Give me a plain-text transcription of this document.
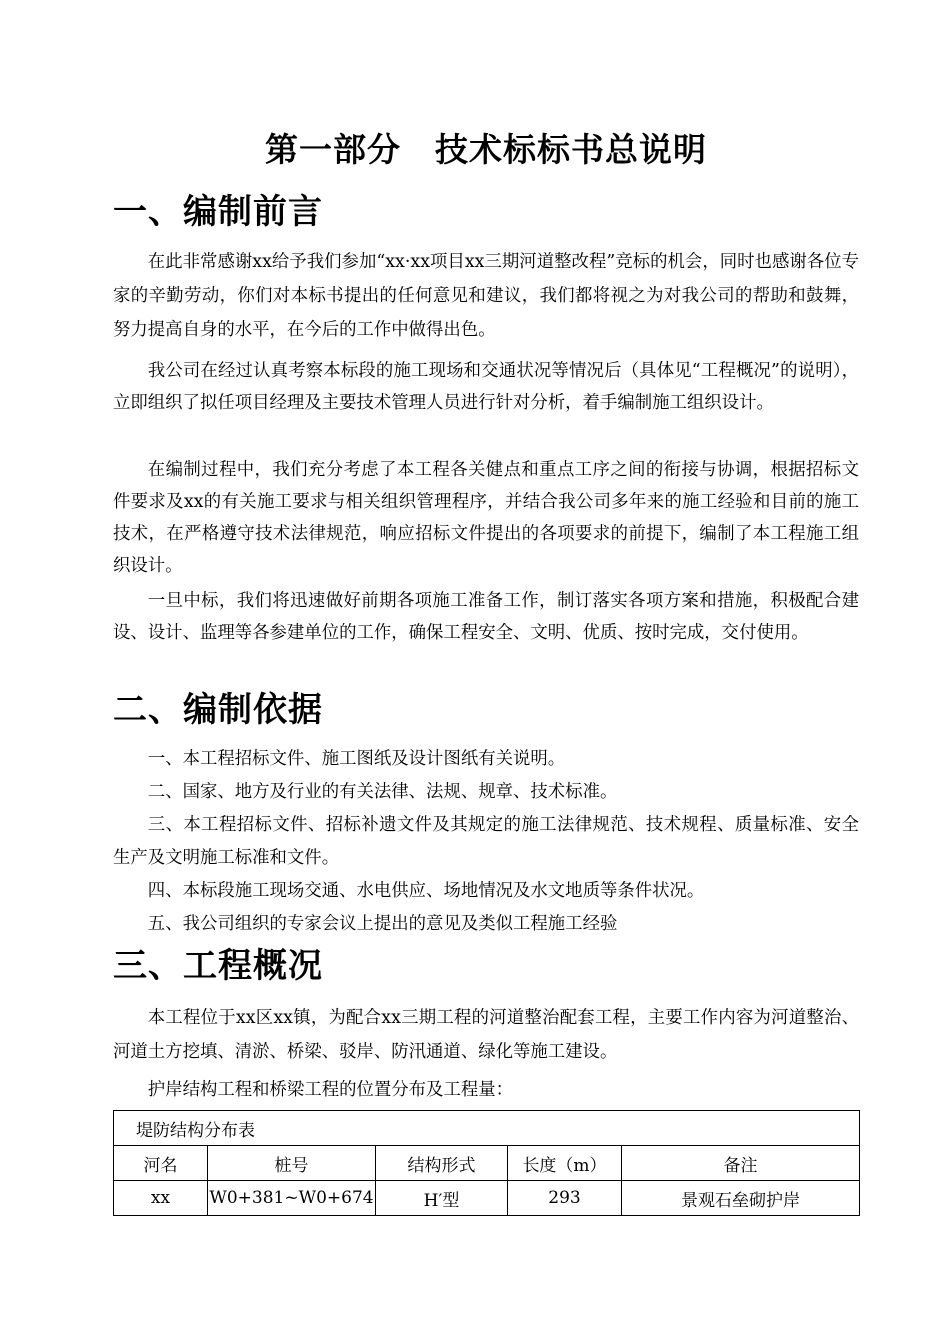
第一部分　技术标标书总说明
一、编制前言

在此非常感谢xx给予我们参加“xx·xx项目xx三期河道整改程”竞标的机会，同时也感谢各位专家的辛勤劳动，你们对本标书提出的任何意见和建议，我们都将视之为对我公司的帮助和鼓舞，努力提高自身的水平，在今后的工作中做得出色。

我公司在经过认真考察本标段的施工现场和交通状况等情况后（具体见“工程概况”的说明），立即组织了拟任项目经理及主要技术管理人员进行针对分析，着手编制施工组织设计。

在编制过程中，我们充分考虑了本工程各关健点和重点工序之间的衔接与协调，根据招标文件要求及xx的有关施工要求与相关组织管理程序，并结合我公司多年来的施工经验和目前的施工技术，在严格遵守技术法律规范，响应招标文件提出的各项要求的前提下，编制了本工程施工组织设计。

一旦中标，我们将迅速做好前期各项施工准备工作，制订落实各项方案和措施，积极配合建设、设计、监理等各参建单位的工作，确保工程安全、文明、优质、按时完成，交付使用。

二、编制依据

一、本工程招标文件、施工图纸及设计图纸有关说明。

二、国家、地方及行业的有关法律、法规、规章、技术标准。

三、本工程招标文件、招标补遗文件及其规定的施工法律规范、技术规程、质量标准、安全生产及文明施工标准和文件。

四、本标段施工现场交通、水电供应、场地情况及水文地质等条件状况。

五、我公司组织的专家会议上提出的意见及类似工程施工经验

三、工程概况

本工程位于xx区xx镇，为配合xx三期工程的河道整治配套工程，主要工作内容为河道整治、河道土方挖填、清淤、桥梁、驳岸、防汛通道、绿化等施工建设。

护岸结构工程和桥梁工程的位置分布及工程量：

堤防结构分布表				
河名	桩号	结构形式	长度（m）	备注
xx	W0+381~W0+674	H′型	293	景观石垒砌护岸
